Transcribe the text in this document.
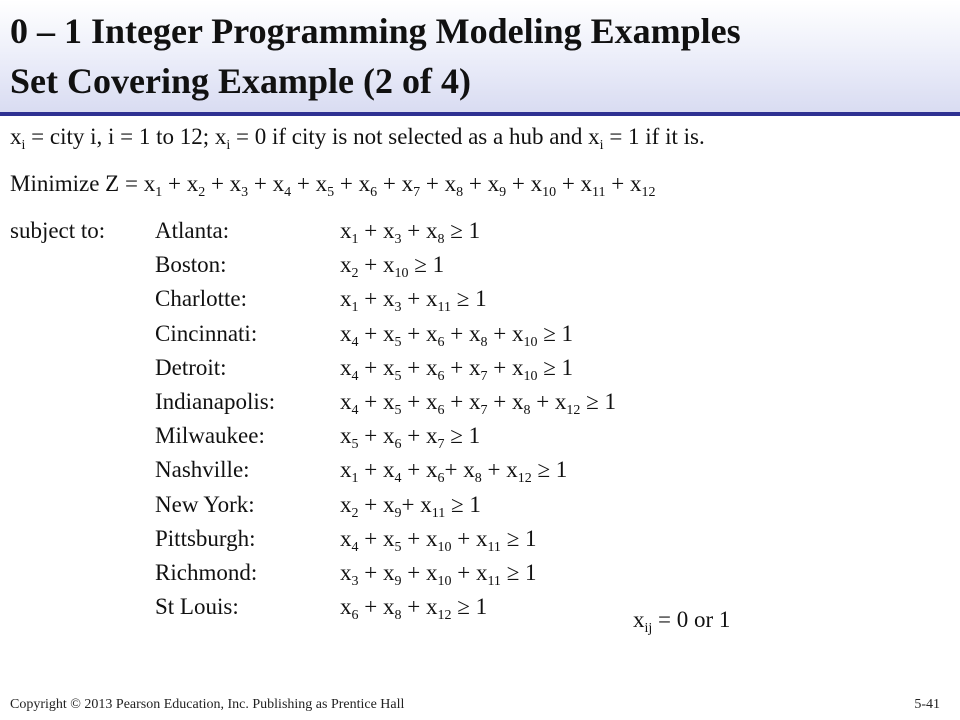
0 – 1 Integer Programming Modeling Examples
Set Covering Example (2 of 4)
$x_i$ = city i, i = 1 to 12; $x_i = 0$ if city is not selected as a hub and $x_i = 1$ if it is.
Minimize $Z = x_1 + x_2 + x_3 + x_4 + x_5 + x_6 + x_7 + x_8 + x_9 + x_{10} + x_{11} + x_{12}$
subject to: Atlanta:	$x_1 + x_3 + x_8 \ge 1$
Boston:	$x_2 + x_{10} \ge 1$
Charlotte:	$x_1 + x_3 + x_{11} \ge 1$
Cincinnati:	$x_4 + x_5 + x_6 + x_8 + x_{10} \ge 1$
Detroit:	$x_4 + x_5 + x_6 + x_7 + x_{10} \ge 1$
Indianapolis:	$x_4 + x_5 + x_6 + x_7 + x_8 + x_{12} \ge 1$
Milwaukee:	$x_5 + x_6 + x_7 \ge 1$
Nashville:	$x_1 + x_4 + x_6+ x_8 + x_{12} \ge 1$
New York:	$x_2 + x_9+ x_{11} \ge 1$
Pittsburgh:	$x_4 + x_5 + x_{10} + x_{11} \ge 1$
Richmond:	$x_3 + x_9 + x_{10} + x_{11} \ge 1$
St Louis:	$x_6 + x_8 + x_{12} \ge 1$
$x_{ij} = 0$ or 1
Copyright © 2013 Pearson Education, Inc. Publishing as Prentice Hall	5-41
